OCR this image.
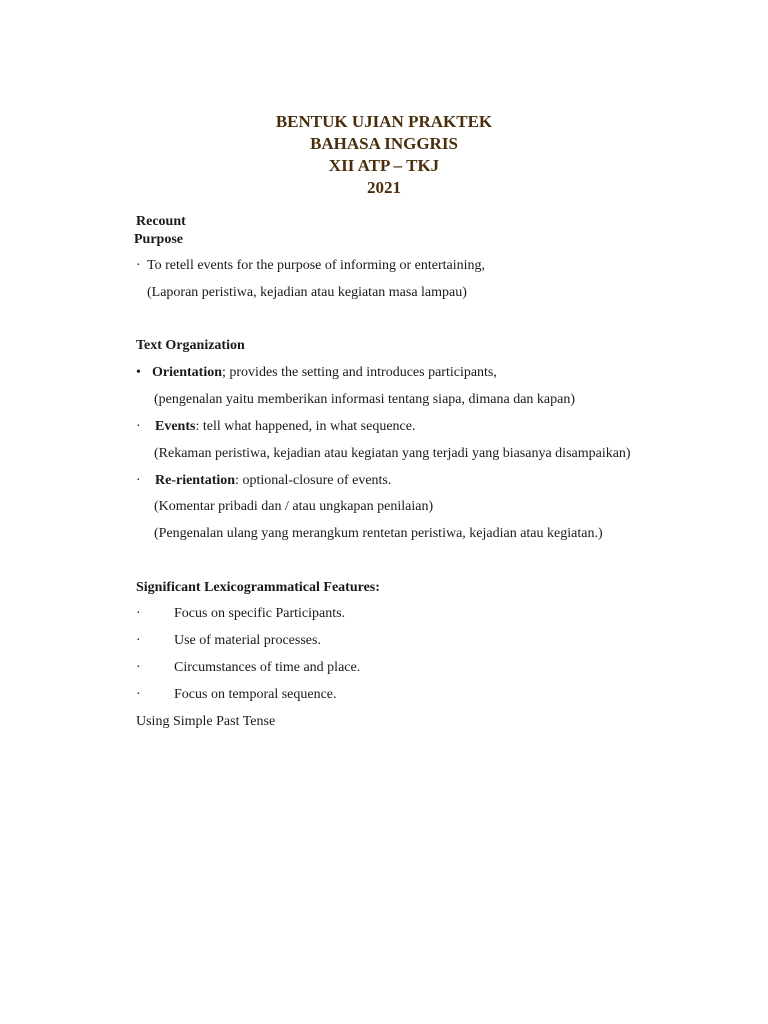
BENTUK UJIAN PRAKTEK
BAHASA INGGRIS
XII ATP – TKJ
2021
Recount
Purpose
· To retell events for the purpose of informing or entertaining,
(Laporan peristiwa, kejadian atau kegiatan masa lampau)
Text Organization
• Orientation; provides the setting and introduces participants,
(pengenalan yaitu memberikan informasi tentang siapa, dimana dan kapan)
· Events: tell what happened, in what sequence.
(Rekaman peristiwa, kejadian atau kegiatan yang terjadi yang biasanya disampaikan)
· Re-rientation: optional-closure of events.
(Komentar pribadi dan / atau ungkapan penilaian)
(Pengenalan ulang yang merangkum rentetan peristiwa, kejadian atau kegiatan.)
Significant Lexicogrammatical Features:
· Focus on specific Participants.
· Use of material processes.
· Circumstances of time and place.
· Focus on temporal sequence.
Using Simple Past Tense
